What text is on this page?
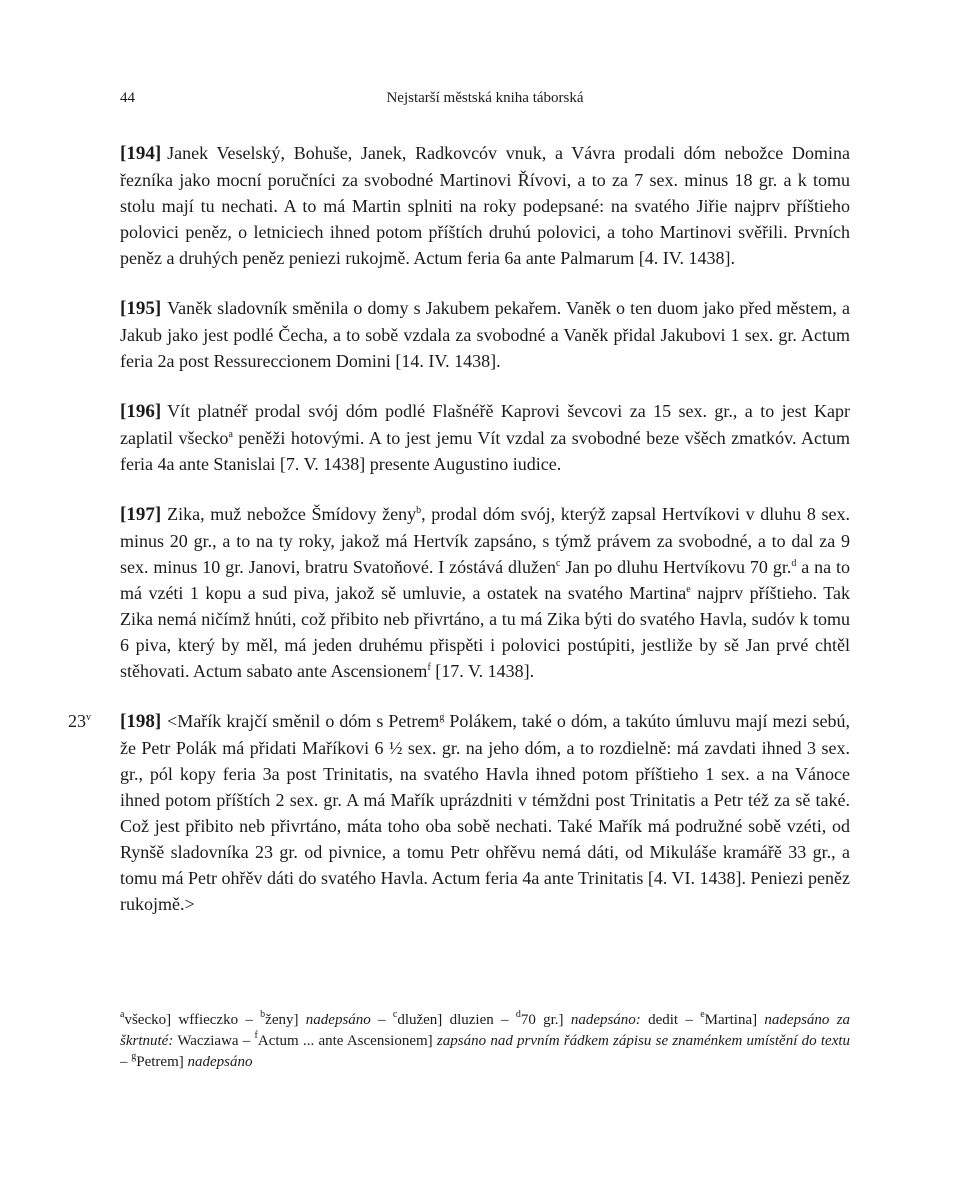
44	Nejstarší městská kniha táborská

[194] Janek Veselský, Bohuše, Janek, Radkovcóv vnuk, a Vávra prodali dóm nebožce Domina řezníka jako mocní poručníci za svobodné Martinovi Řívovi, a to za 7 sex. minus 18 gr. a k tomu stolu mají tu nechati. A to má Martin splniti na roky podepsané: na svatého Jiřie najprv příštieho polovici peněz, o letniciech ihned potom příštích druhú polovici, a toho Martinovi svěřili. Prvních peněz a druhých peněz peniezi rukojmě. Actum feria 6a ante Palmarum [4. IV. 1438].

[195] Vaněk sladovník směnila o domy s Jakubem pekařem. Vaněk o ten duom jako před městem, a Jakub jako jest podlé Čecha, a to sobě vzdala za svobodné a Vaněk přidal Jakubovi 1 sex. gr. Actum feria 2a post Ressureccionem Domini [14. IV. 1438].

[196] Vít platnéř prodal svój dóm podlé Flašnéřě Kaprovi ševcovi za 15 sex. gr., a to jest Kapr zaplatil všecko$^a$ peněži hotovými. A to jest jemu Vít vzdal za svobodné beze všěch zmatkóv. Actum feria 4a ante Stanislai [7. V. 1438] presente Augustino iudice.

[197] Zika, muž nebožce Šmídovy ženy$^b$, prodal dóm svój, kterýž zapsal Hertvíkovi v dluhu 8 sex. minus 20 gr., a to na ty roky, jakož má Hertvík zapsáno, s týmž právem za svobodné, a to dal za 9 sex. minus 10 gr. Janovi, bratru Svatoňové. I zóstává dlužen$^c$ Jan po dluhu Hertvíkovu 70 gr.$^d$ a na to má vzéti 1 kopu a sud piva, jakož sě umluvie, a ostatek na svatého Martina$^e$ najprv příštieho. Tak Zika nemá ničímž hnúti, což přibito neb přivrtáno, a tu má Zika býti do svatého Havla, sudóv k tomu 6 piva, který by měl, má jeden druhému přispěti i polovici postúpiti, jestliže by sě Jan prvé chtěl stěhovati. Actum sabato ante Ascensionem$^f$ [17. V. 1438].

23$^v$ [198] <Mařík krajčí směnil o dóm s Petrem$^g$ Polákem, také o dóm, a takúto úmluvu mají mezi sebú, že Petr Polák má přidati Maříkovi 6 ½ sex. gr. na jeho dóm, a to rozdielně: má zavdati ihned 3 sex. gr., pól kopy feria 3a post Trinitatis, na svatého Havla ihned potom příštieho 1 sex. a na Vánoce ihned potom příštích 2 sex. gr. A má Mařík uprázdniti v témždni post Trinitatis a Petr též za sě také. Což jest přibito neb přivrtáno, máta toho oba sobě nechati. Také Mařík má podružné sobě vzéti, od Rynšě sladovníka 23 gr. od pivnice, a tomu Petr ohřěvu nemá dáti, od Mikuláše kramářě 33 gr., a tomu má Petr ohřěv dáti do svatého Havla. Actum feria 4a ante Trinitatis [4. VI. 1438]. Peniezi peněz rukojmě.>

$^a$všecko] wffieczko – $^b$ženy] nadepsáno – $^c$dlužen] dluzien – $^d$70 gr.] nadepsáno: dedit – $^e$Martina] nadepsáno za škrtnuté: Wacziawa – $^f$Actum ... ante Ascensionem] zapsáno nad prvním řádkem zápisu se znaménkem umístění do textu – $^g$Petrem] nadepsáno
